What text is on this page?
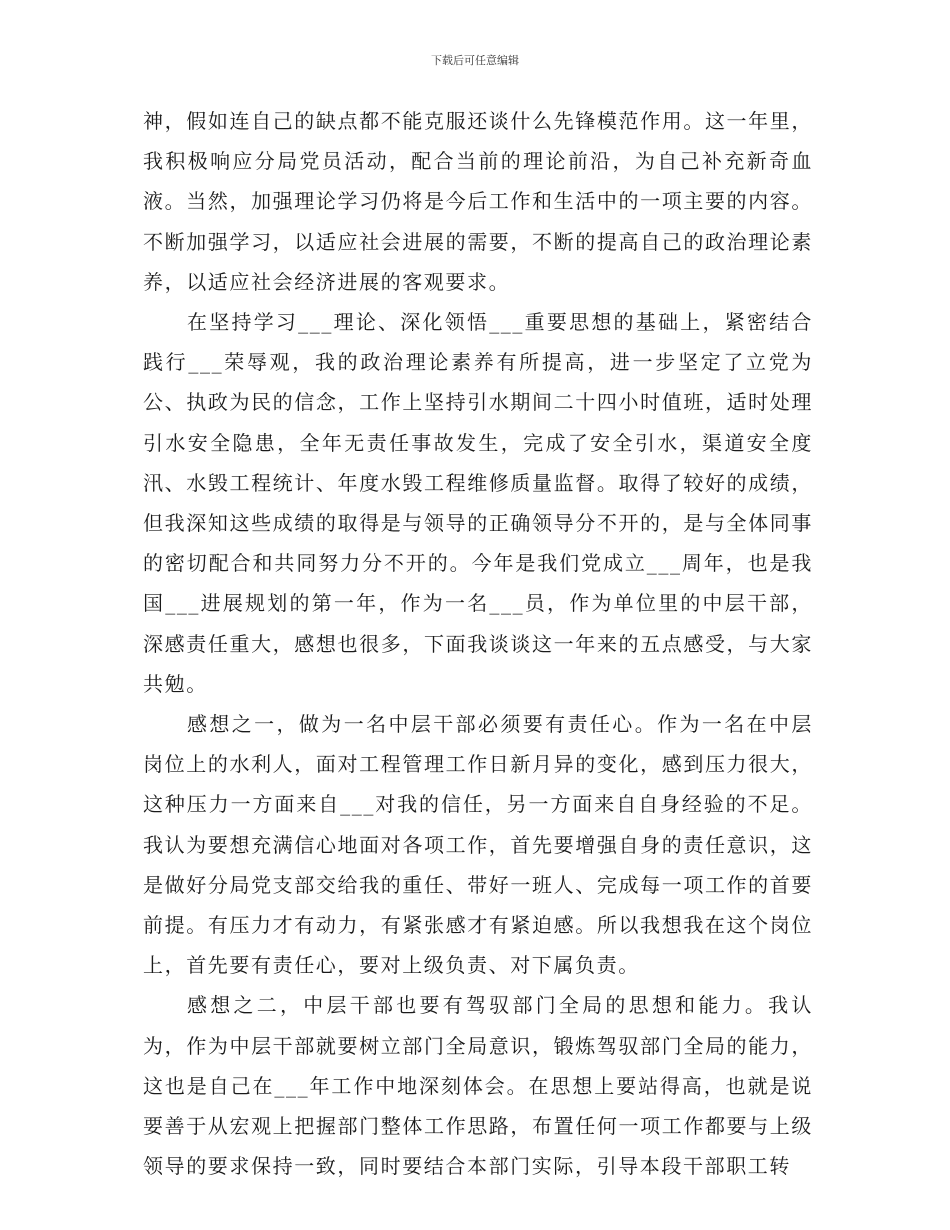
下载后可任意编辑

神，假如连自己的缺点都不能克服还谈什么先锋模范作用。这一年里，我积极响应分局党员活动，配合当前的理论前沿，为自己补充新奇血液。当然，加强理论学习仍将是今后工作和生活中的一项主要的内容。不断加强学习，以适应社会进展的需要，不断的提高自己的政治理论素养，以适应社会经济进展的客观要求。

在坚持学习___理论、深化领悟___重要思想的基础上，紧密结合践行___荣辱观，我的政治理论素养有所提高，进一步坚定了立党为公、执政为民的信念，工作上坚持引水期间二十四小时值班，适时处理引水安全隐患，全年无责任事故发生，完成了安全引水，渠道安全度汛、水毁工程统计、年度水毁工程维修质量监督。取得了较好的成绩，但我深知这些成绩的取得是与领导的正确领导分不开的，是与全体同事的密切配合和共同努力分不开的。今年是我们党成立___周年，也是我国___进展规划的第一年，作为一名___员，作为单位里的中层干部，深感责任重大，感想也很多，下面我谈谈这一年来的五点感受，与大家共勉。

感想之一，做为一名中层干部必须要有责任心。作为一名在中层岗位上的水利人，面对工程管理工作日新月异的变化，感到压力很大，这种压力一方面来自___对我的信任，另一方面来自自身经验的不足。我认为要想充满信心地面对各项工作，首先要增强自身的责任意识，这是做好分局党支部交给我的重任、带好一班人、完成每一项工作的首要前提。有压力才有动力，有紧张感才有紧迫感。所以我想我在这个岗位上，首先要有责任心，要对上级负责、对下属负责。

感想之二，中层干部也要有驾驭部门全局的思想和能力。我认为，作为中层干部就要树立部门全局意识，锻炼驾驭部门全局的能力，这也是自己在___年工作中地深刻体会。在思想上要站得高，也就是说要善于从宏观上把握部门整体工作思路，布置任何一项工作都要与上级领导的要求保持一致，同时要结合本部门实际，引导本段干部职工转
